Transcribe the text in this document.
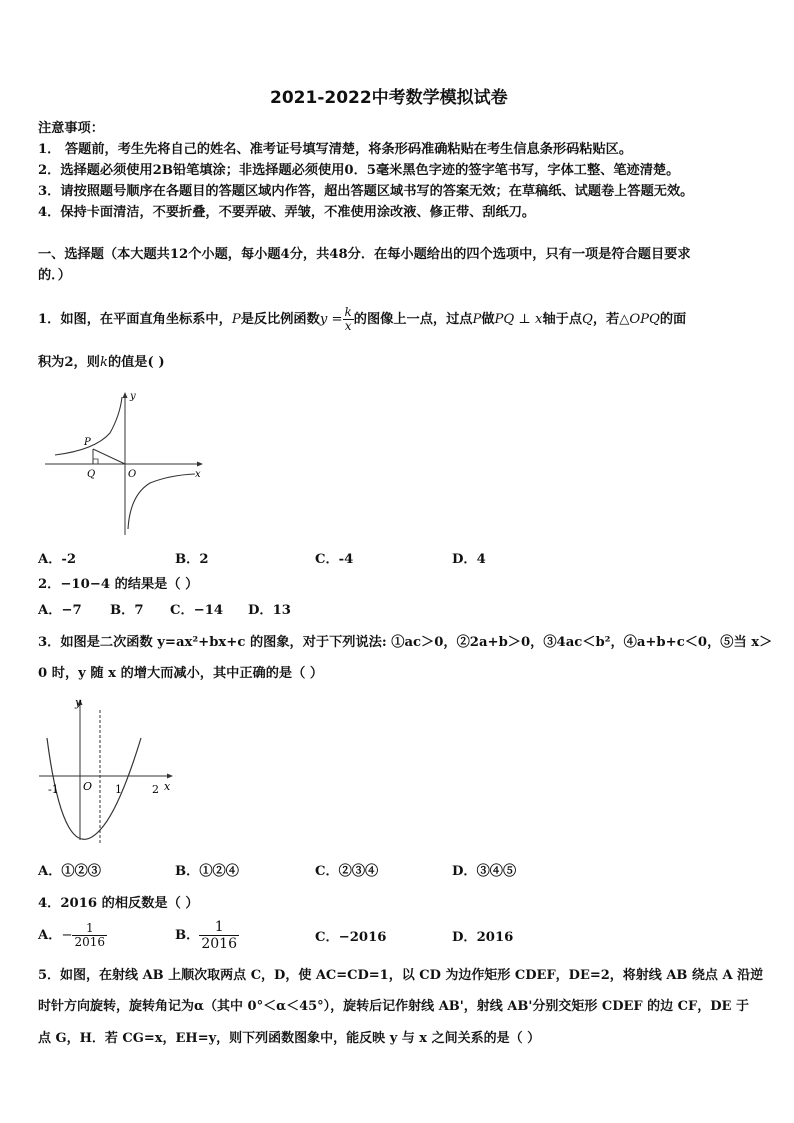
2021-2022中考数学模拟试卷
注意事项：
1． 答题前，考生先将自己的姓名、准考证号填写清楚，将条形码准确粘贴在考生信息条形码粘贴区。
2．选择题必须使用2B铅笔填涂；非选择题必须使用0．5毫米黑色字迹的签字笔书写，字体工整、笔迹清楚。
3．请按照题号顺序在各题目的答题区域内作答，超出答题区域书写的答案无效；在草稿纸、试题卷上答题无效。
4．保持卡面清洁，不要折叠，不要弄破、弄皱，不准使用涂改液、修正带、刮纸刀。
一、选择题（本大题共12个小题，每小题4分，共48分．在每小题给出的四个选项中，只有一项是符合题目要求
的．）
1．如图，在平面直角坐标系中，P是反比例函数$y = \frac{k}{x}$ 的图像上一点，过点P做PQ ⊥ x轴于点Q，若△OPQ的面
积为2，则k的值是( )
y
x
P
Q	O
A．-2	B．2	C．-4	D．4
2．−10−4 的结果是（ ）
A．−7 B．7 C．−14 D．13
3．如图是二次函数 y=ax²+bx+c 的图象，对于下列说法: ①ac＞0，②2a+b＞0，③4ac＜b²，④a+b+c＜0，⑤当 x＞
0 时，y 随 x 的增大而减小，其中正确的是（ ）
y
x
O
-1	1	2
A．①②③	B．①②④	C．②③④	D．③④⑤
4．2016 的相反数是（ ）
A．− $\frac{1}{2016}$	B． $\frac{1}{2016}$	C．−2016	D．2016
5．如图，在射线 AB 上顺次取两点 C，D，使 AC=CD=1，以 CD 为边作矩形 CDEF，DE=2，将射线 AB 绕点 A 沿逆
时针方向旋转，旋转角记为α（其中 0°＜α＜45°），旋转后记作射线 AB'，射线 AB'分别交矩形 CDEF 的边 CF，DE 于
点 G，H．若 CG=x，EH=y，则下列函数图象中，能反映 y 与 x 之间关系的是（ ）
